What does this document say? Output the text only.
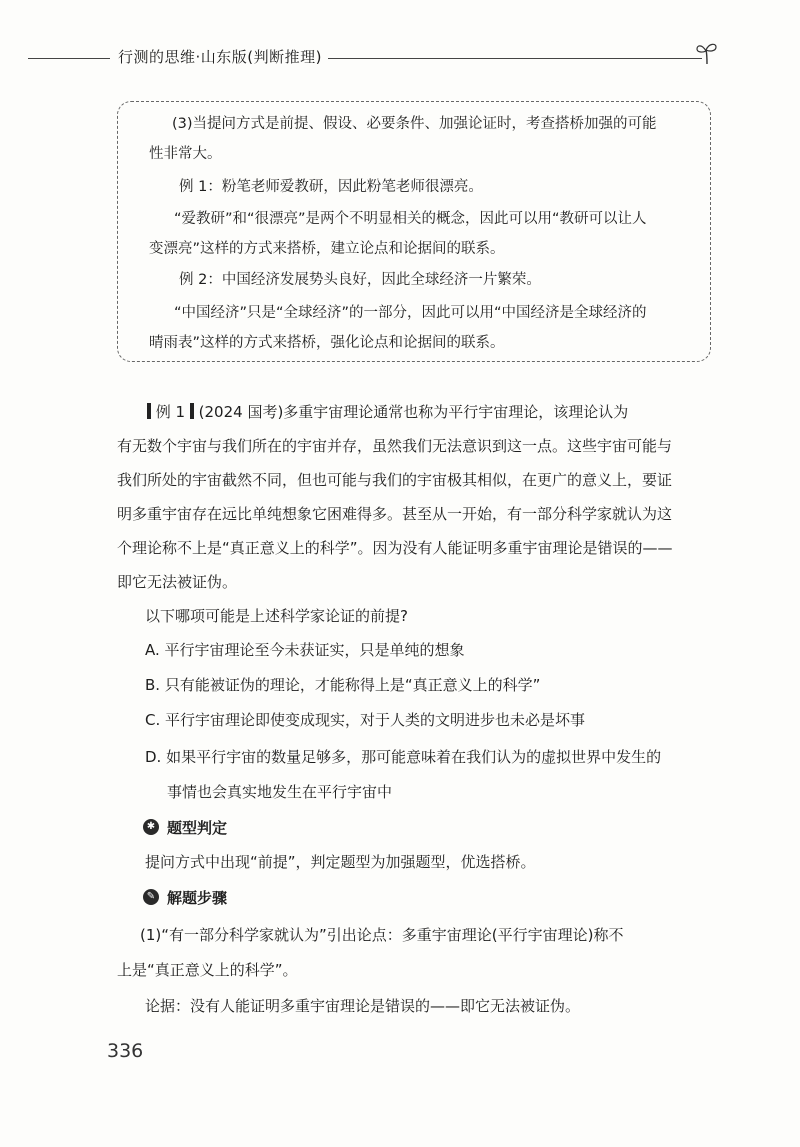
行测的思维·山东版(判断推理)
(3)当提问方式是前提、假设、必要条件、加强论证时，考查搭桥加强的可能
性非常大。
例 1：粉笔老师爱教研，因此粉笔老师很漂亮。
“爱教研”和“很漂亮”是两个不明显相关的概念，因此可以用“教研可以让人
变漂亮”这样的方式来搭桥，建立论点和论据间的联系。
例 2：中国经济发展势头良好，因此全球经济一片繁荣。
“中国经济”只是“全球经济”的一部分，因此可以用“中国经济是全球经济的
晴雨表”这样的方式来搭桥，强化论点和论据间的联系。
例 1 (2024 国考)多重宇宙理论通常也称为平行宇宙理论，该理论认为
有无数个宇宙与我们所在的宇宙并存，虽然我们无法意识到这一点。这些宇宙可能与
我们所处的宇宙截然不同，但也可能与我们的宇宙极其相似，在更广的意义上，要证
明多重宇宙存在远比单纯想象它困难得多。甚至从一开始，有一部分科学家就认为这
个理论称不上是“真正意义上的科学”。因为没有人能证明多重宇宙理论是错误的——
即它无法被证伪。
以下哪项可能是上述科学家论证的前提?
A. 平行宇宙理论至今未获证实，只是单纯的想象
B. 只有能被证伪的理论，才能称得上是“真正意义上的科学”
C. 平行宇宙理论即使变成现实，对于人类的文明进步也未必是坏事
D. 如果平行宇宙的数量足够多，那可能意味着在我们认为的虚拟世界中发生的
事情也会真实地发生在平行宇宙中
✱ 题型判定
提问方式中出现“前提”，判定题型为加强题型，优选搭桥。
✎ 解题步骤
(1)“有一部分科学家就认为”引出论点：多重宇宙理论(平行宇宙理论)称不
上是“真正意义上的科学”。
论据：没有人能证明多重宇宙理论是错误的——即它无法被证伪。
336
